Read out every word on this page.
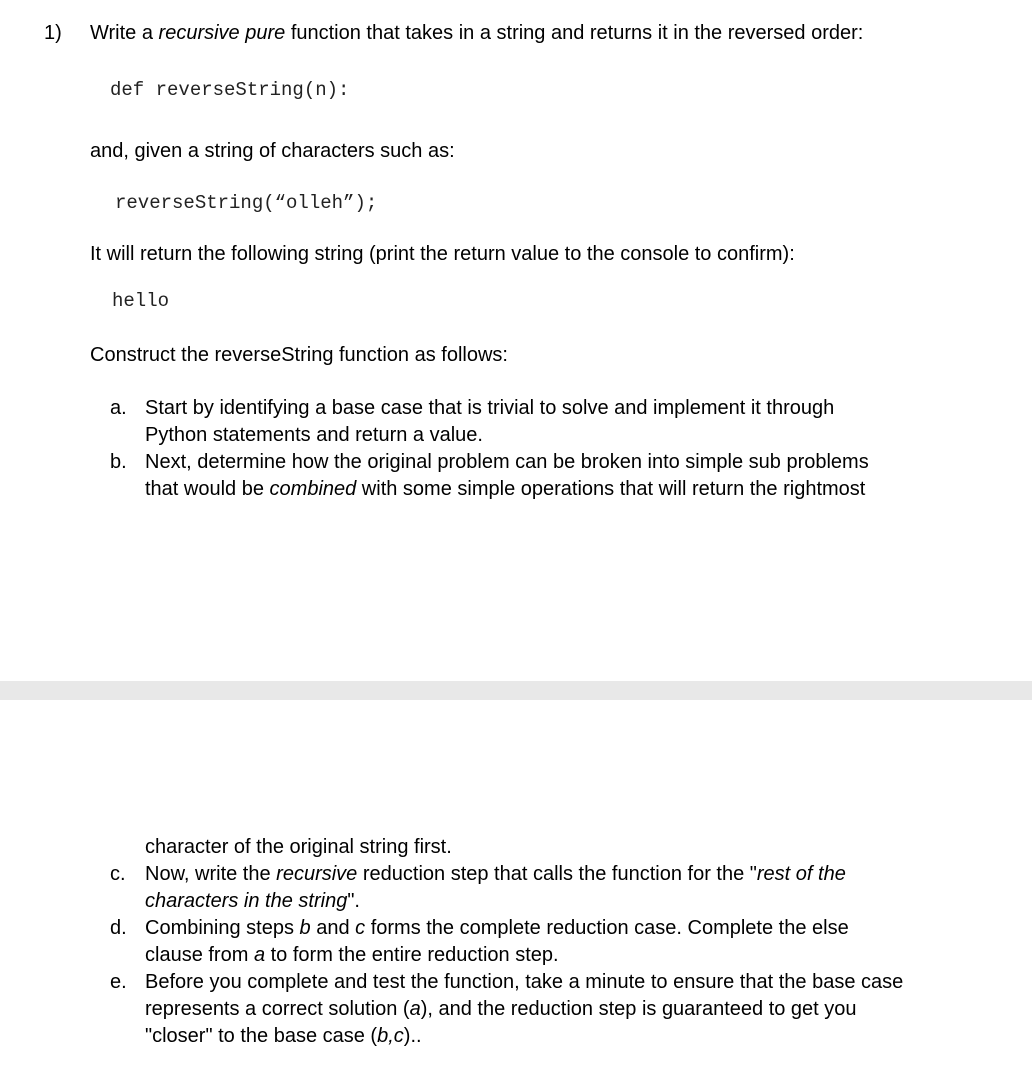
1) Write a recursive pure function that takes in a string and returns it in the reversed order:
def reverseString(n):
and, given a string of characters such as:
reverseString(“olleh”);
It will return the following string (print the return value to the console to confirm):
hello
Construct the reverseString function as follows:
a. Start by identifying a base case that is trivial to solve and implement it through
Python statements and return a value.
b. Next, determine how the original problem can be broken into simple sub problems
that would be combined with some simple operations that will return the rightmost
character of the original string first.
c. Now, write the recursive reduction step that calls the function for the "rest of the
characters in the string".
d. Combining steps b and c forms the complete reduction case. Complete the else
clause from a to form the entire reduction step.
e. Before you complete and test the function, take a minute to ensure that the base case
represents a correct solution (a), and the reduction step is guaranteed to get you
"closer" to the base case (b,c)..
